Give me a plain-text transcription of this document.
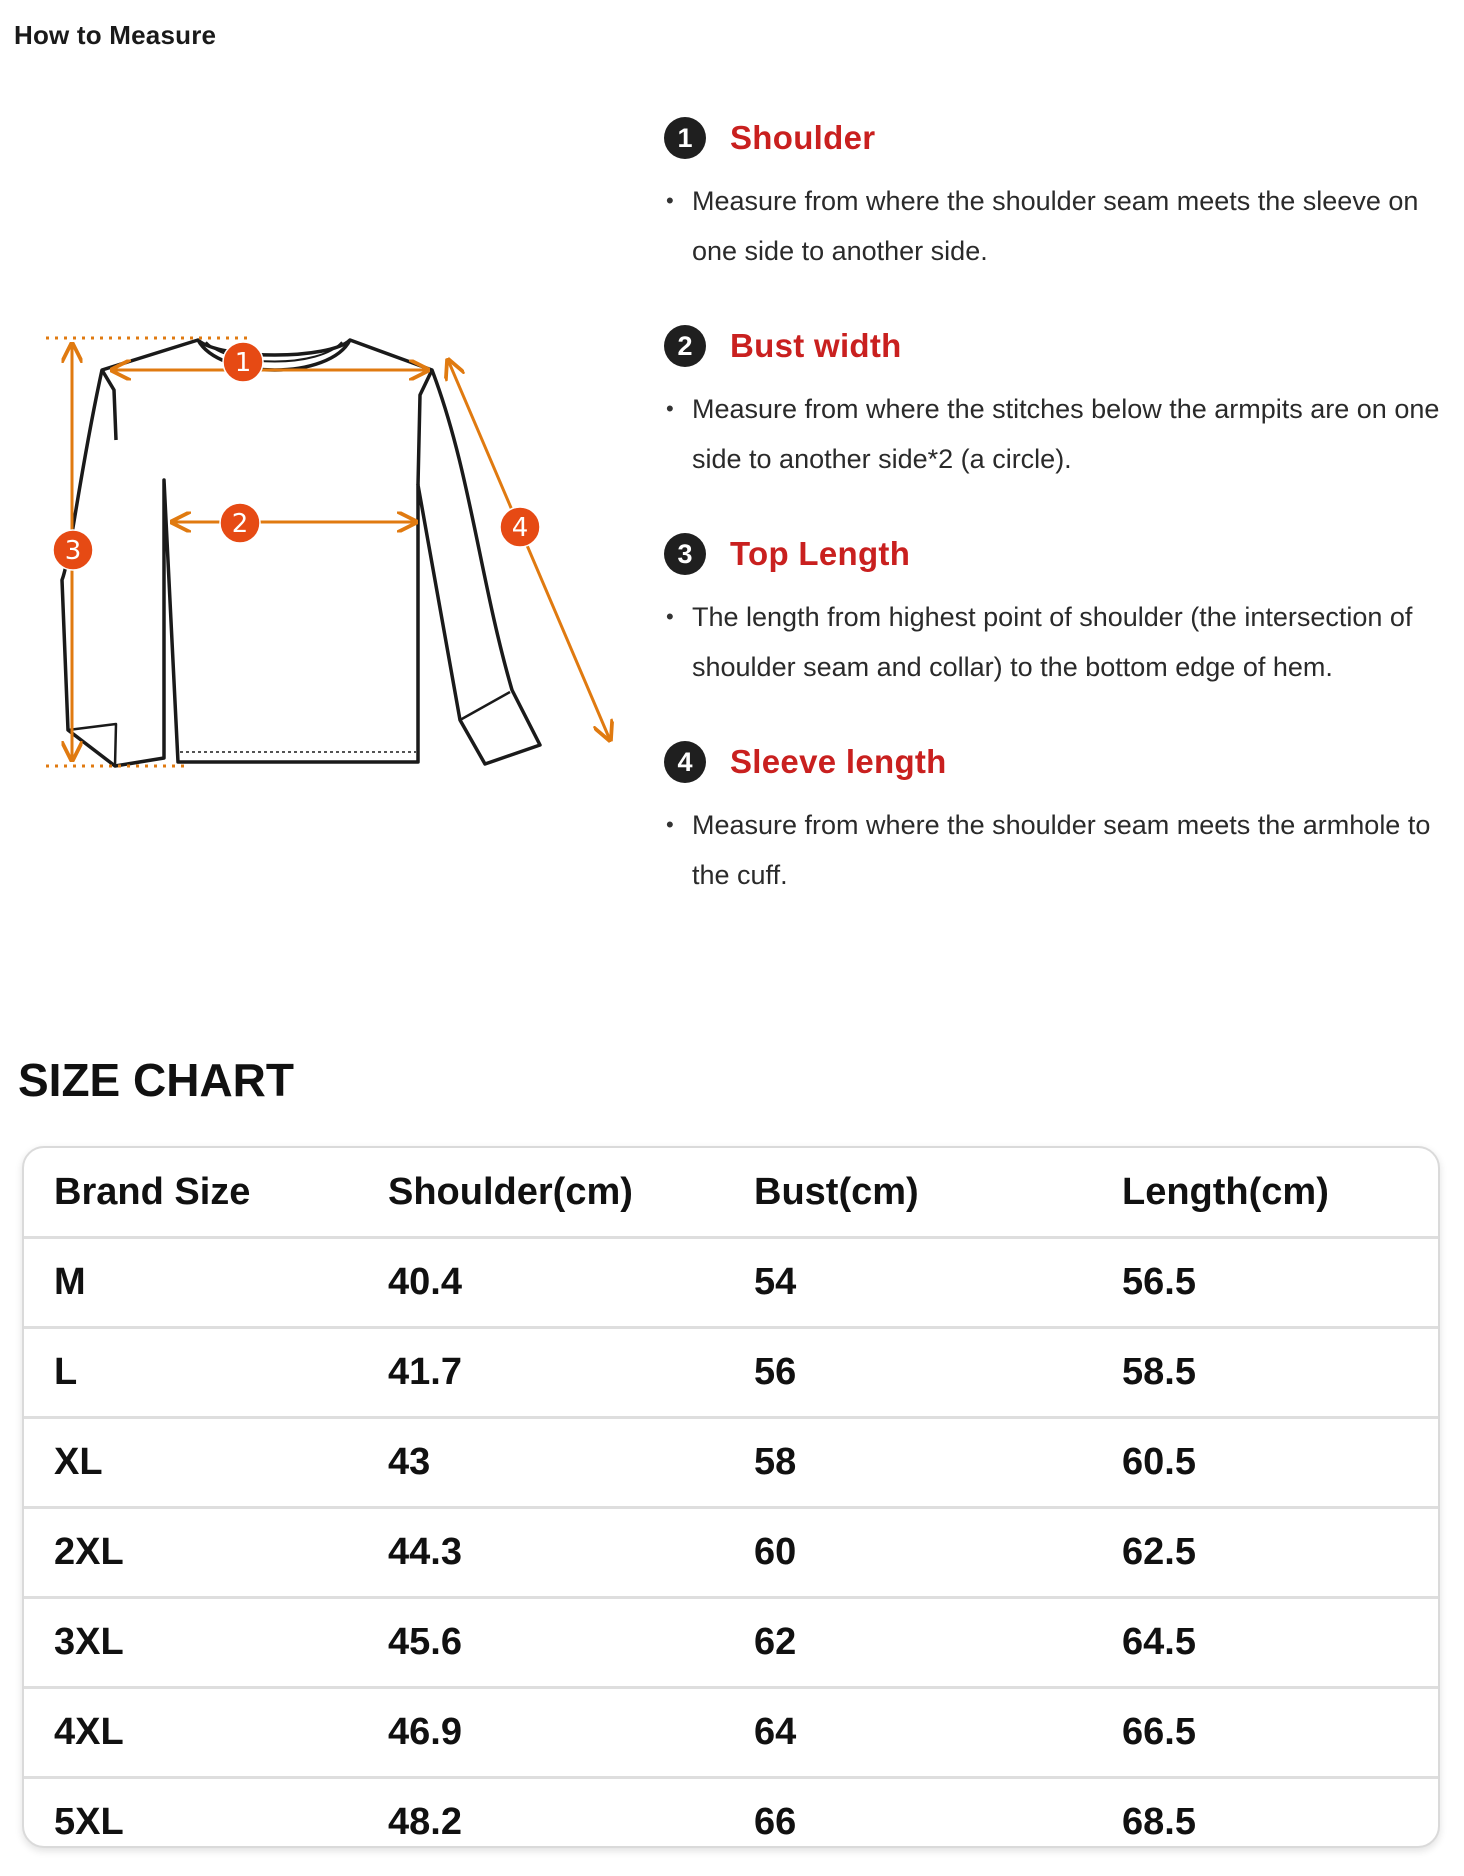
How to Measure
1
2
3
4
1	Shoulder
• Measure from where the shoulder seam meets the sleeve on one side to another side.
2	Bust width
• Measure from where the stitches below the armpits are on one side to another side*2 (a circle).
3	Top Length
• The length from highest point of shoulder (the intersection of shoulder seam and collar) to the bottom edge of hem.
4	Sleeve length
• Measure from where the shoulder seam meets the armhole to the cuff.
SIZE CHART
Brand Size	Shoulder(cm)	Bust(cm)	Length(cm)
M	40.4	54	56.5
L	41.7	56	58.5
XL	43	58	60.5
2XL	44.3	60	62.5
3XL	45.6	62	64.5
4XL	46.9	64	66.5
5XL	48.2	66	68.5
